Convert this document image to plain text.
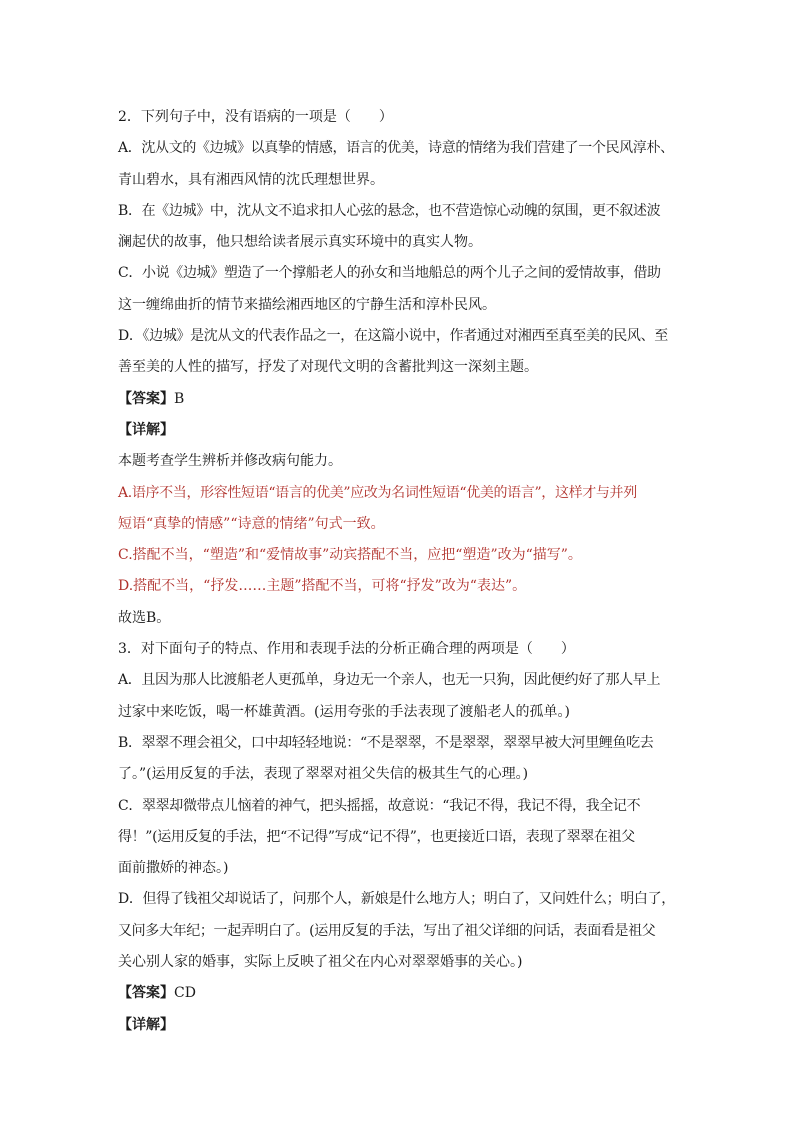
2．下列句子中，没有语病的一项是（　　）
A．沈从文的《边城》以真挚的情感，语言的优美，诗意的情绪为我们营建了一个民风淳朴、
青山碧水，具有湘西风情的沈氏理想世界。
B．在《边城》中，沈从文不追求扣人心弦的悬念，也不营造惊心动魄的氛围，更不叙述波
澜起伏的故事，他只想给读者展示真实环境中的真实人物。
C．小说《边城》塑造了一个撑船老人的孙女和当地船总的两个儿子之间的爱情故事，借助
这一缠绵曲折的情节来描绘湘西地区的宁静生活和淳朴民风。
D．《边城》是沈从文的代表作品之一，在这篇小说中，作者通过对湘西至真至美的民风、至
善至美的人性的描写，抒发了对现代文明的含蓄批判这一深刻主题。
【答案】B
【详解】
本题考查学生辨析并修改病句能力。
A.语序不当，形容性短语“语言的优美”应改为名词性短语“优美的语言”，这样才与并列
短语“真挚的情感”“诗意的情绪”句式一致。
C.搭配不当，“塑造”和“爱情故事”动宾搭配不当，应把“塑造”改为“描写”。
D.搭配不当，“抒发……主题”搭配不当，可将“抒发”改为“表达”。
故选B。
3．对下面句子的特点、作用和表现手法的分析正确合理的两项是（　　）
A．且因为那人比渡船老人更孤单，身边无一个亲人，也无一只狗，因此便约好了那人早上
过家中来吃饭，喝一杯雄黄酒。(运用夸张的手法表现了渡船老人的孤单。)
B．翠翠不理会祖父，口中却轻轻地说：“不是翠翠，不是翠翠，翠翠早被大河里鲤鱼吃去
了。”(运用反复的手法，表现了翠翠对祖父失信的极其生气的心理。)
C．翠翠却微带点儿恼着的神气，把头摇摇，故意说：“我记不得，我记不得，我全记不
得！”(运用反复的手法，把“不记得”写成“记不得”，也更接近口语，表现了翠翠在祖父
面前撒娇的神态。)
D．但得了钱祖父却说话了，问那个人，新娘是什么地方人；明白了，又问姓什么；明白了，
又问多大年纪；一起弄明白了。(运用反复的手法，写出了祖父详细的问话，表面看是祖父
关心别人家的婚事，实际上反映了祖父在内心对翠翠婚事的关心。)
【答案】CD
【详解】
